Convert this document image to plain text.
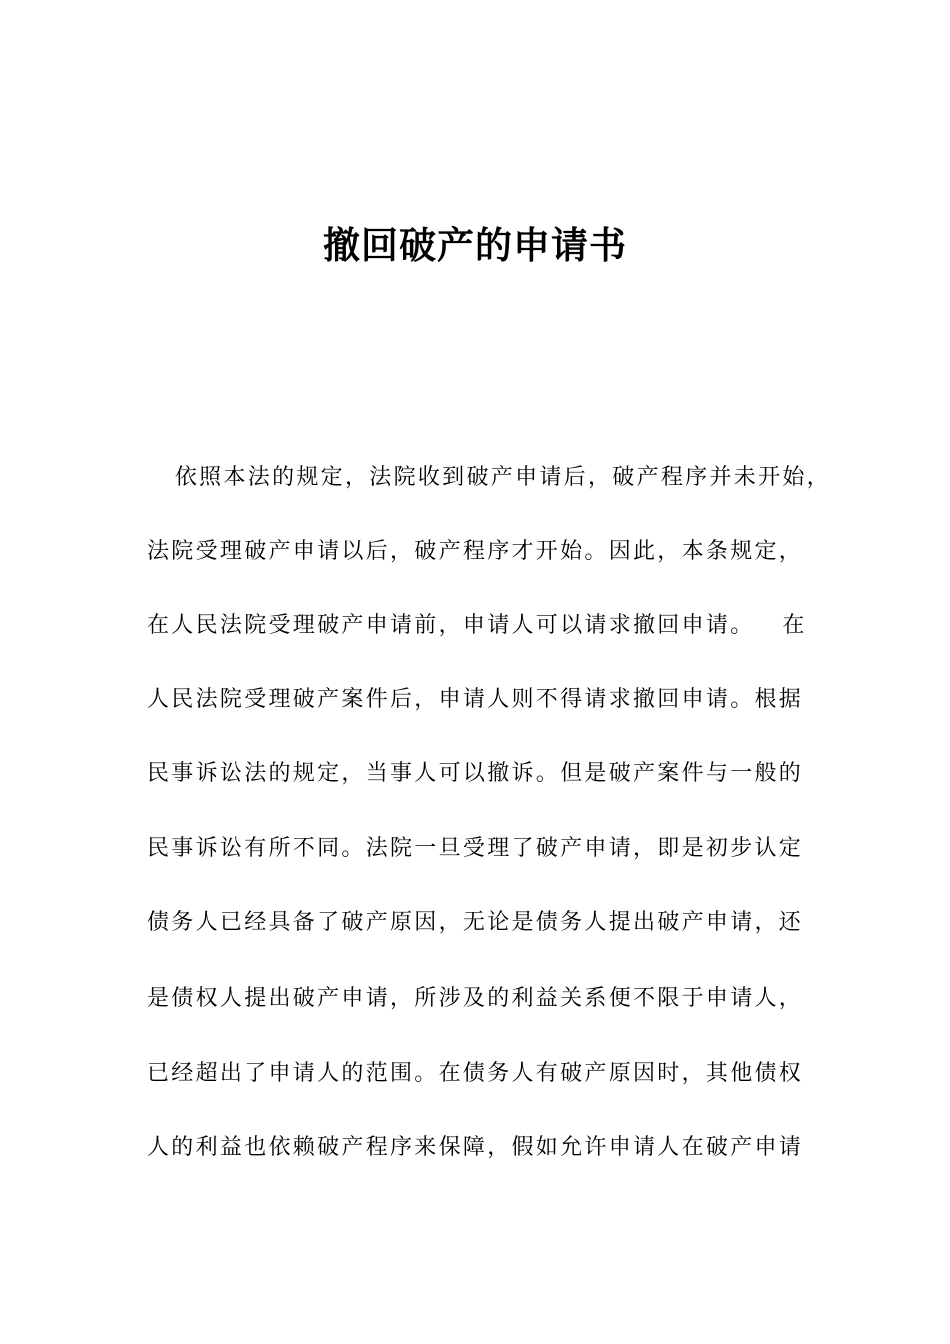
撤回破产的申请书
依照本法的规定，法院收到破产申请后，破产程序并未开始，
法院受理破产申请以后，破产程序才开始。因此，本条规定，
在人民法院受理破产申请前，申请人可以请求撤回申请。   在
人民法院受理破产案件后，申请人则不得请求撤回申请。根据
民事诉讼法的规定，当事人可以撤诉。但是破产案件与一般的
民事诉讼有所不同。法院一旦受理了破产申请，即是初步认定
债务人已经具备了破产原因，无论是债务人提出破产申请，还
是债权人提出破产申请，所涉及的利益关系便不限于申请人，
已经超出了申请人的范围。在债务人有破产原因时，其他债权
人的利益也依赖破产程序来保障，假如允许申请人在破产申请
